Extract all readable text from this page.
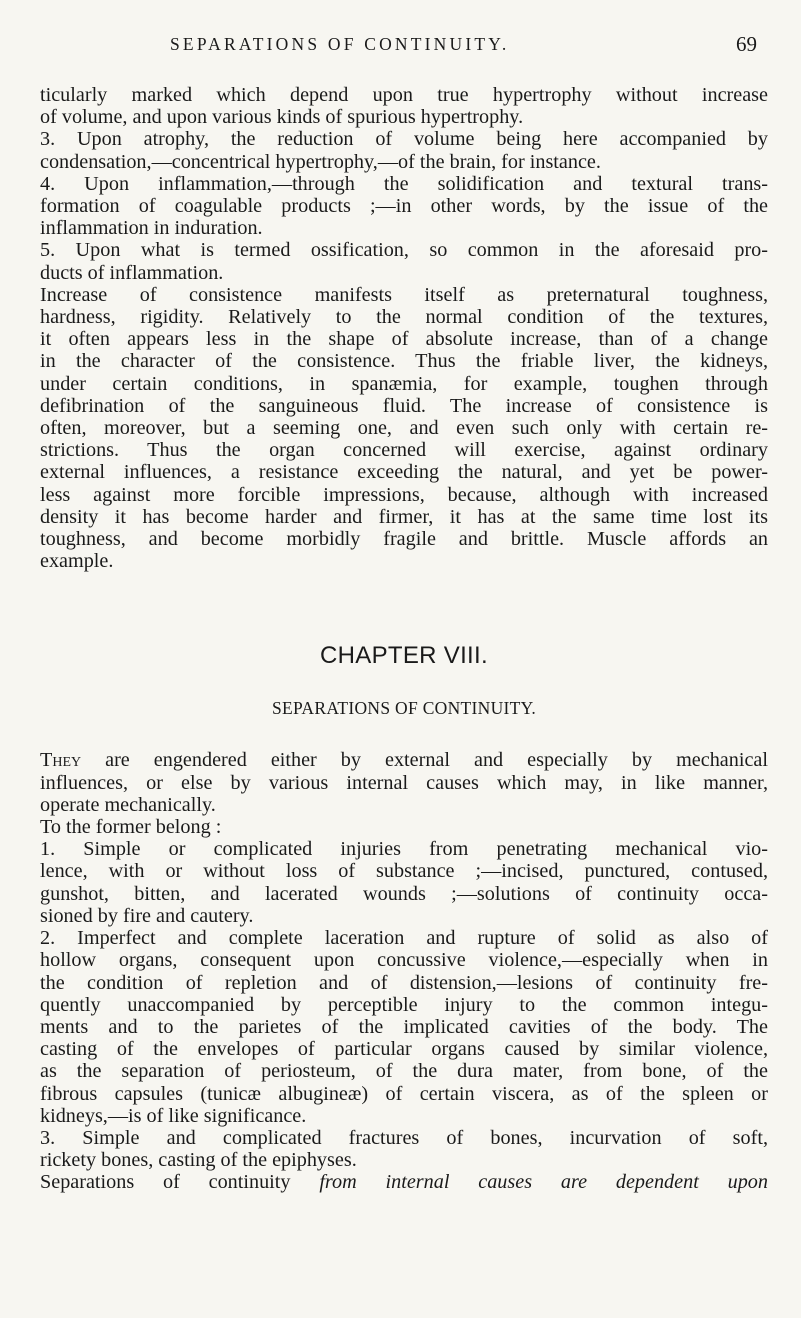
SEPARATIONS OF CONTINUITY.	69
ticularly marked which depend upon true hypertrophy without increase
of volume, and upon various kinds of spurious hypertrophy.
3. Upon atrophy, the reduction of volume being here accompanied by
condensation,—concentrical hypertrophy,—of the brain, for instance.
4. Upon inflammation,—through the solidification and textural trans-
formation of coagulable products ;—in other words, by the issue of the
inflammation in induration.
5. Upon what is termed ossification, so common in the aforesaid pro-
ducts of inflammation.
Increase of consistence manifests itself as preternatural toughness,
hardness, rigidity. Relatively to the normal condition of the textures,
it often appears less in the shape of absolute increase, than of a change
in the character of the consistence. Thus the friable liver, the kidneys,
under certain conditions, in spanæmia, for example, toughen through
defibrination of the sanguineous fluid. The increase of consistence is
often, moreover, but a seeming one, and even such only with certain re-
strictions. Thus the organ concerned will exercise, against ordinary
external influences, a resistance exceeding the natural, and yet be power-
less against more forcible impressions, because, although with increased
density it has become harder and firmer, it has at the same time lost its
toughness, and become morbidly fragile and brittle. Muscle affords an
example.
CHAPTER VIII.
SEPARATIONS OF CONTINUITY.
They are engendered either by external and especially by mechanical
influences, or else by various internal causes which may, in like manner,
operate mechanically.
To the former belong :
1. Simple or complicated injuries from penetrating mechanical vio-
lence, with or without loss of substance ;—incised, punctured, contused,
gunshot, bitten, and lacerated wounds ;—solutions of continuity occa-
sioned by fire and cautery.
2. Imperfect and complete laceration and rupture of solid as also of
hollow organs, consequent upon concussive violence,—especially when in
the condition of repletion and of distension,—lesions of continuity fre-
quently unaccompanied by perceptible injury to the common integu-
ments and to the parietes of the implicated cavities of the body. The
casting of the envelopes of particular organs caused by similar violence,
as the separation of periosteum, of the dura mater, from bone, of the
fibrous capsules (tunicæ albugineæ) of certain viscera, as of the spleen or
kidneys,—is of like significance.
3. Simple and complicated fractures of bones, incurvation of soft,
rickety bones, casting of the epiphyses.
Separations of continuity from internal causes are dependent upon
